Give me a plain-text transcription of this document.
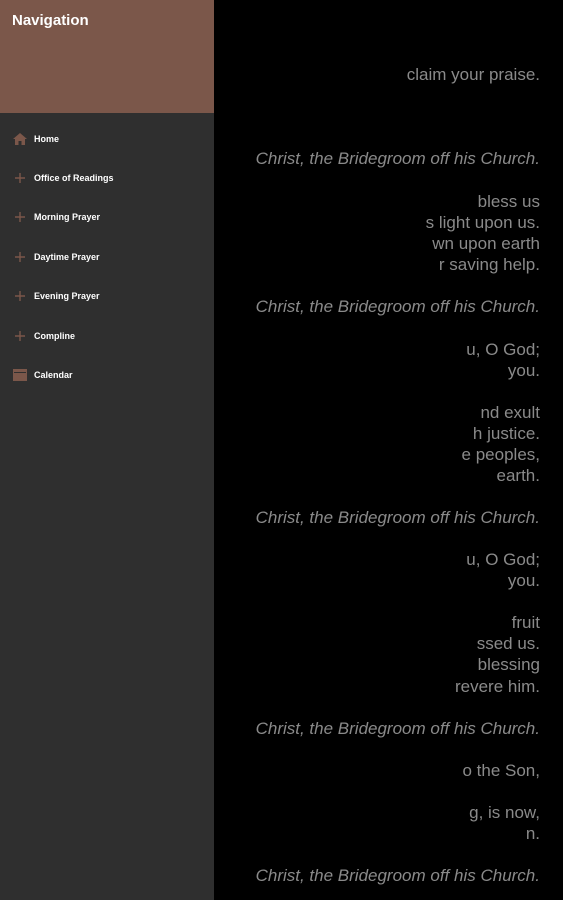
claim your praise.
Christ, the Bridegroom off his Church.
bless us
s light upon us.
wn upon earth
r saving help.
Christ, the Bridegroom off his Church.
u, O God;
you.
nd exult
h justice.
e peoples,
earth.
Christ, the Bridegroom off his Church.
u, O God;
you.
fruit
ssed us.
blessing
revere him.
Christ, the Bridegroom off his Church.
o the Son,
g, is now,
n.
Christ, the Bridegroom off his Church.
Navigation
Home
Office of Readings
Morning Prayer
Daytime Prayer
Evening Prayer
Compline
Calendar
